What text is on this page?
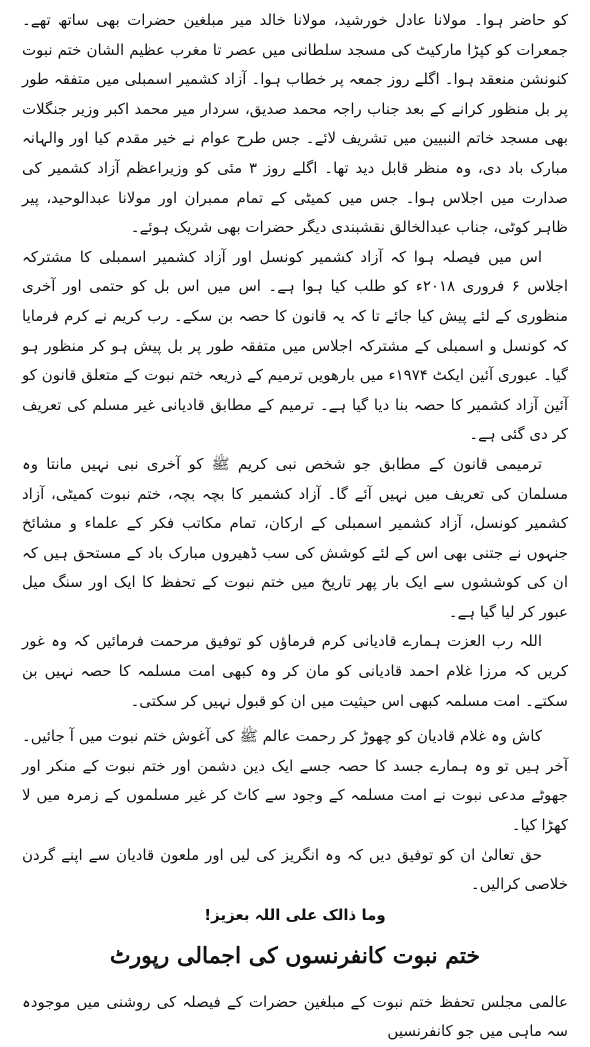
کو حاضر ہوا۔ مولانا عادل خورشید، مولانا خالد میر مبلغین حضرات بھی ساتھ تھے۔ جمعرات کو کپڑا مارکیٹ کی مسجد سلطانی میں عصر تا مغرب عظیم الشان ختم نبوت کنونشن منعقد ہوا۔ اگلے روز جمعہ پر خطاب ہوا۔ آزاد کشمیر اسمبلی میں متفقہ طور پر بل منظور کرانے کے بعد جناب راجہ محمد صدیق، سردار میر محمد اکبر وزیر جنگلات بھی مسجد خاتم النبیین میں تشریف لائے۔ جس طرح عوام نے خیر مقدم کیا اور والہانہ مبارک باد دی، وہ منظر قابل دید تھا۔ اگلے روز ۳ مئی کو وزیراعظم آزاد کشمیر کی صدارت میں اجلاس ہوا۔ جس میں کمیٹی کے تمام ممبران اور مولانا عبدالوحید، پیر ظاہر کوٹی، جناب عبدالخالق نقشبندی دیگر حضرات بھی شریک ہوئے۔

اس میں فیصلہ ہوا کہ آزاد کشمیر کونسل اور آزاد کشمیر اسمبلی کا مشترکہ اجلاس ۶ فروری ۲۰۱۸ء کو طلب کیا ہوا ہے۔ اس میں اس بل کو حتمی اور آخری منظوری کے لئے پیش کیا جائے تا کہ یہ قانون کا حصہ بن سکے۔ رب کریم نے کرم فرمایا کہ کونسل و اسمبلی کے مشترکہ اجلاس میں متفقہ طور پر بل پیش ہو کر منظور ہو گیا۔ عبوری آئین ایکٹ ۱۹۷۴ء میں بارھویں ترمیم کے ذریعہ ختم نبوت کے متعلق قانون کو آئین آزاد کشمیر کا حصہ بنا دیا گیا ہے۔ ترمیم کے مطابق قادیانی غیر مسلم کی تعریف کر دی گئی ہے۔

ترمیمی قانون کے مطابق جو شخص نبی کریم ﷺ کو آخری نبی نہیں مانتا وہ مسلمان کی تعریف میں نہیں آئے گا۔ آزاد کشمیر کا بچہ بچہ، ختم نبوت کمیٹی، آزاد کشمیر کونسل، آزاد کشمیر اسمبلی کے ارکان، تمام مکاتب فکر کے علماء و مشائخ جنہوں نے جتنی بھی اس کے لئے کوشش کی سب ڈھیروں مبارک باد کے مستحق ہیں کہ ان کی کوششوں سے ایک بار پھر تاریخ میں ختم نبوت کے تحفظ کا ایک اور سنگ میل عبور کر لیا گیا ہے۔

اللہ رب العزت ہمارے قادیانی کرم فرماؤں کو توفیق مرحمت فرمائیں کہ وہ غور کریں کہ مرزا غلام احمد قادیانی کو مان کر وہ کبھی امت مسلمہ کا حصہ نہیں بن سکتے۔ امت مسلمہ کبھی اس حیثیت میں ان کو قبول نہیں کر سکتی۔

کاش وہ غلام قادیان کو چھوڑ کر رحمت عالم ﷺ کی آغوش ختم نبوت میں آ جائیں۔ آخر ہیں تو وہ ہمارے جسد کا حصہ جسے ایک دین دشمن اور ختم نبوت کے منکر اور جھوٹے مدعی نبوت نے امت مسلمہ کے وجود سے کاٹ کر غیر مسلموں کے زمرہ میں لا کھڑا کیا۔

حق تعالیٰ ان کو توفیق دیں کہ وہ انگریز کی لیں اور ملعون قادیان سے اپنے گردن خلاصی کرالیں۔

وما ذالک علی اللہ بعزیز!

ختم نبوت کانفرنسوں کی اجمالی رپورٹ

عالمی مجلس تحفظ ختم نبوت کے مبلغین حضرات کے فیصلہ کی روشنی میں موجودہ سہ ماہی میں جو کانفرنسیں
